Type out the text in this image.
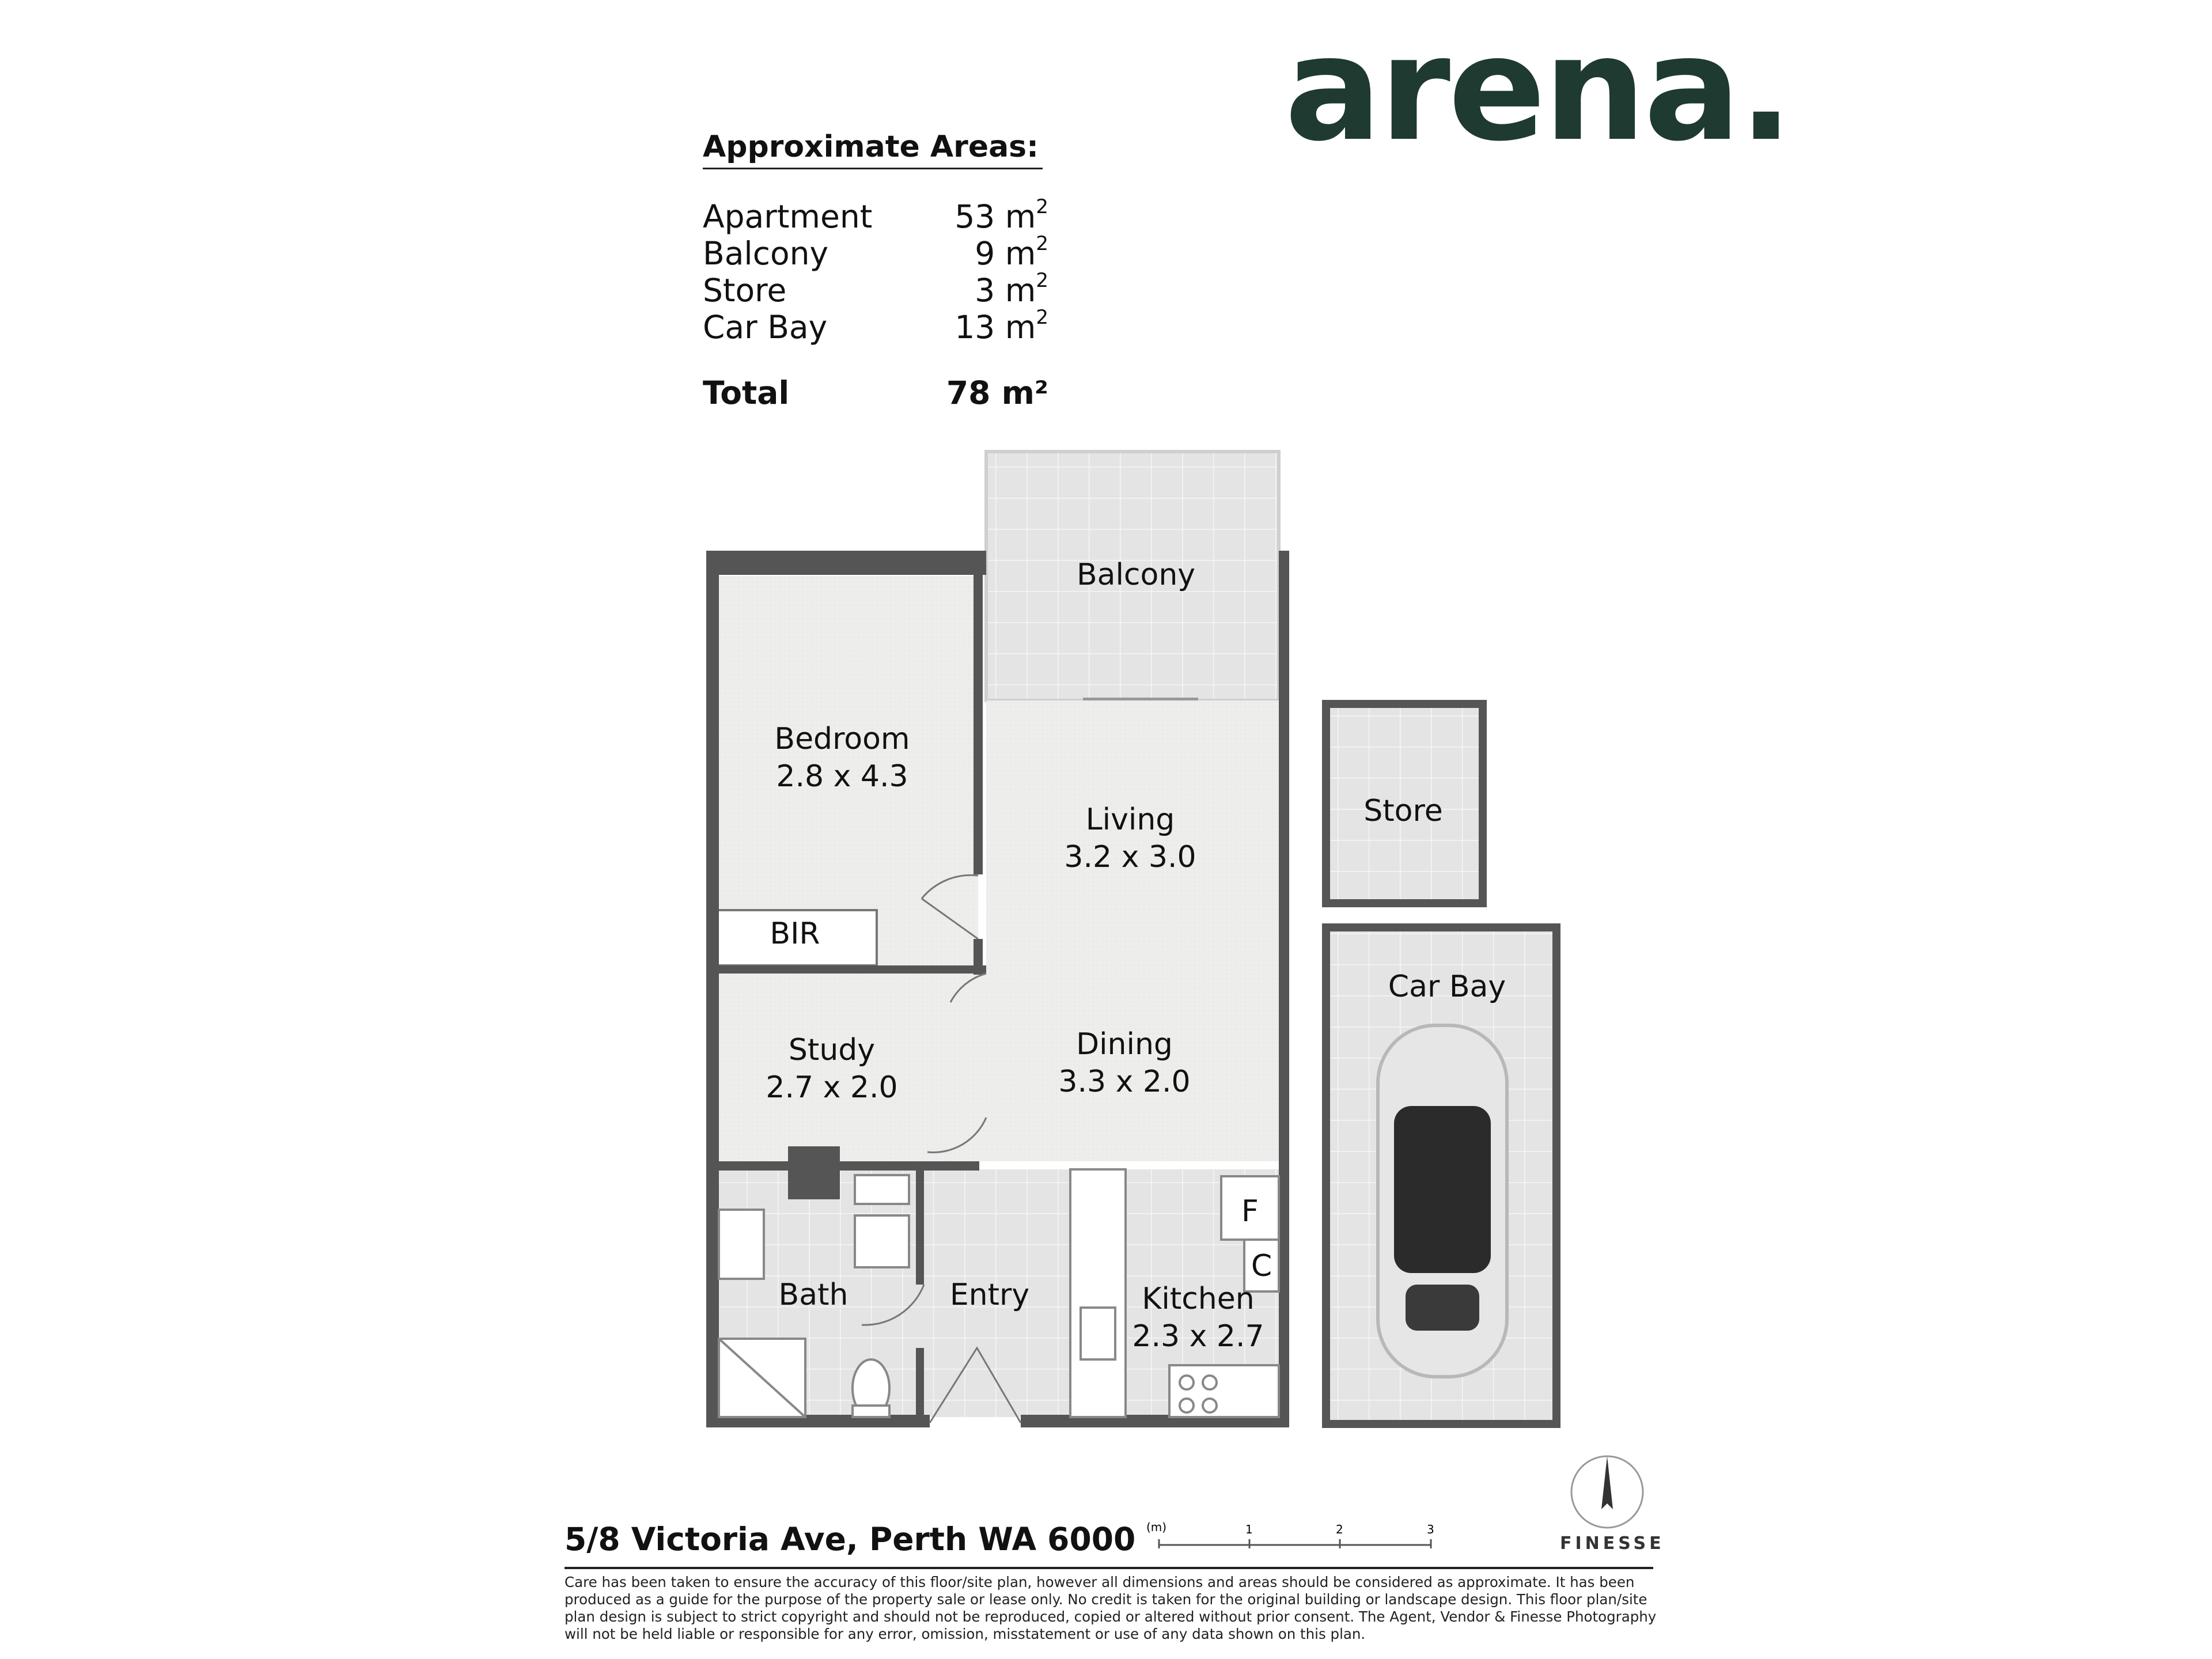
arena.
Approximate Areas:
Apartment	53 $m^2$
Balcony	9 $m^2$
Store	3 $m^2$
Car Bay	13 $m^2$
Total	78 m²
Balcony
Bedroom
2.8 x 4.3
Living
3.2 x 3.0
BIR
Study
2.7 x 2.0
Dining
3.3 x 2.0
Bath	Entry	Kitchen
2.3 x 2.7
F
C
Store
Car Bay
(m)	1	2	3
FINESSE
5/8 Victoria Ave, Perth WA 6000
Care has been taken to ensure the accuracy of this floor/site plan, however all dimensions and areas should be considered as approximate. It has been produced as a guide for the purpose of the property sale or lease only. No credit is taken for the original building or landscape design. This floor plan/site plan design is subject to strict copyright and should not be reproduced, copied or altered without prior consent. The Agent, Vendor & Finesse Photography will not be held liable or responsible for any error, omission, misstatement or use of any data shown on this plan.
